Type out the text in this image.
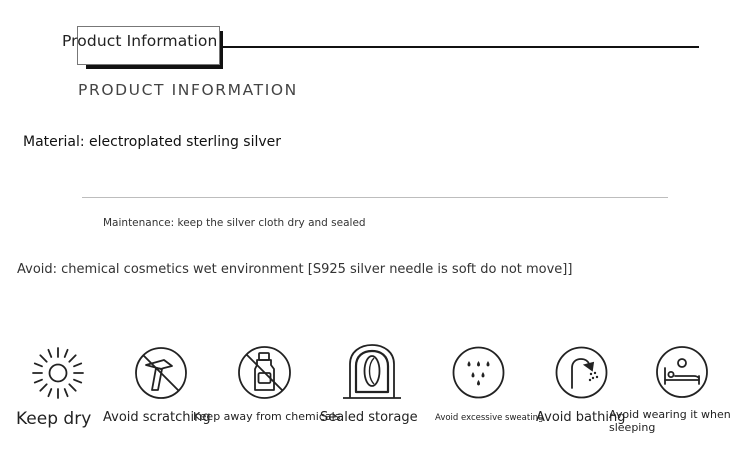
Product Information
PRODUCT INFORMATION
Material: electroplated sterling silver
Maintenance: keep the silver cloth dry and sealed
Avoid: chemical cosmetics wet environment [S925 silver needle is soft do not move]]
Keep dry Avoid scratching
Keep away from chemicals
Sealed storage Avoid excessive sweating
Avoid bathing
Avoid wearing it when sleeping
